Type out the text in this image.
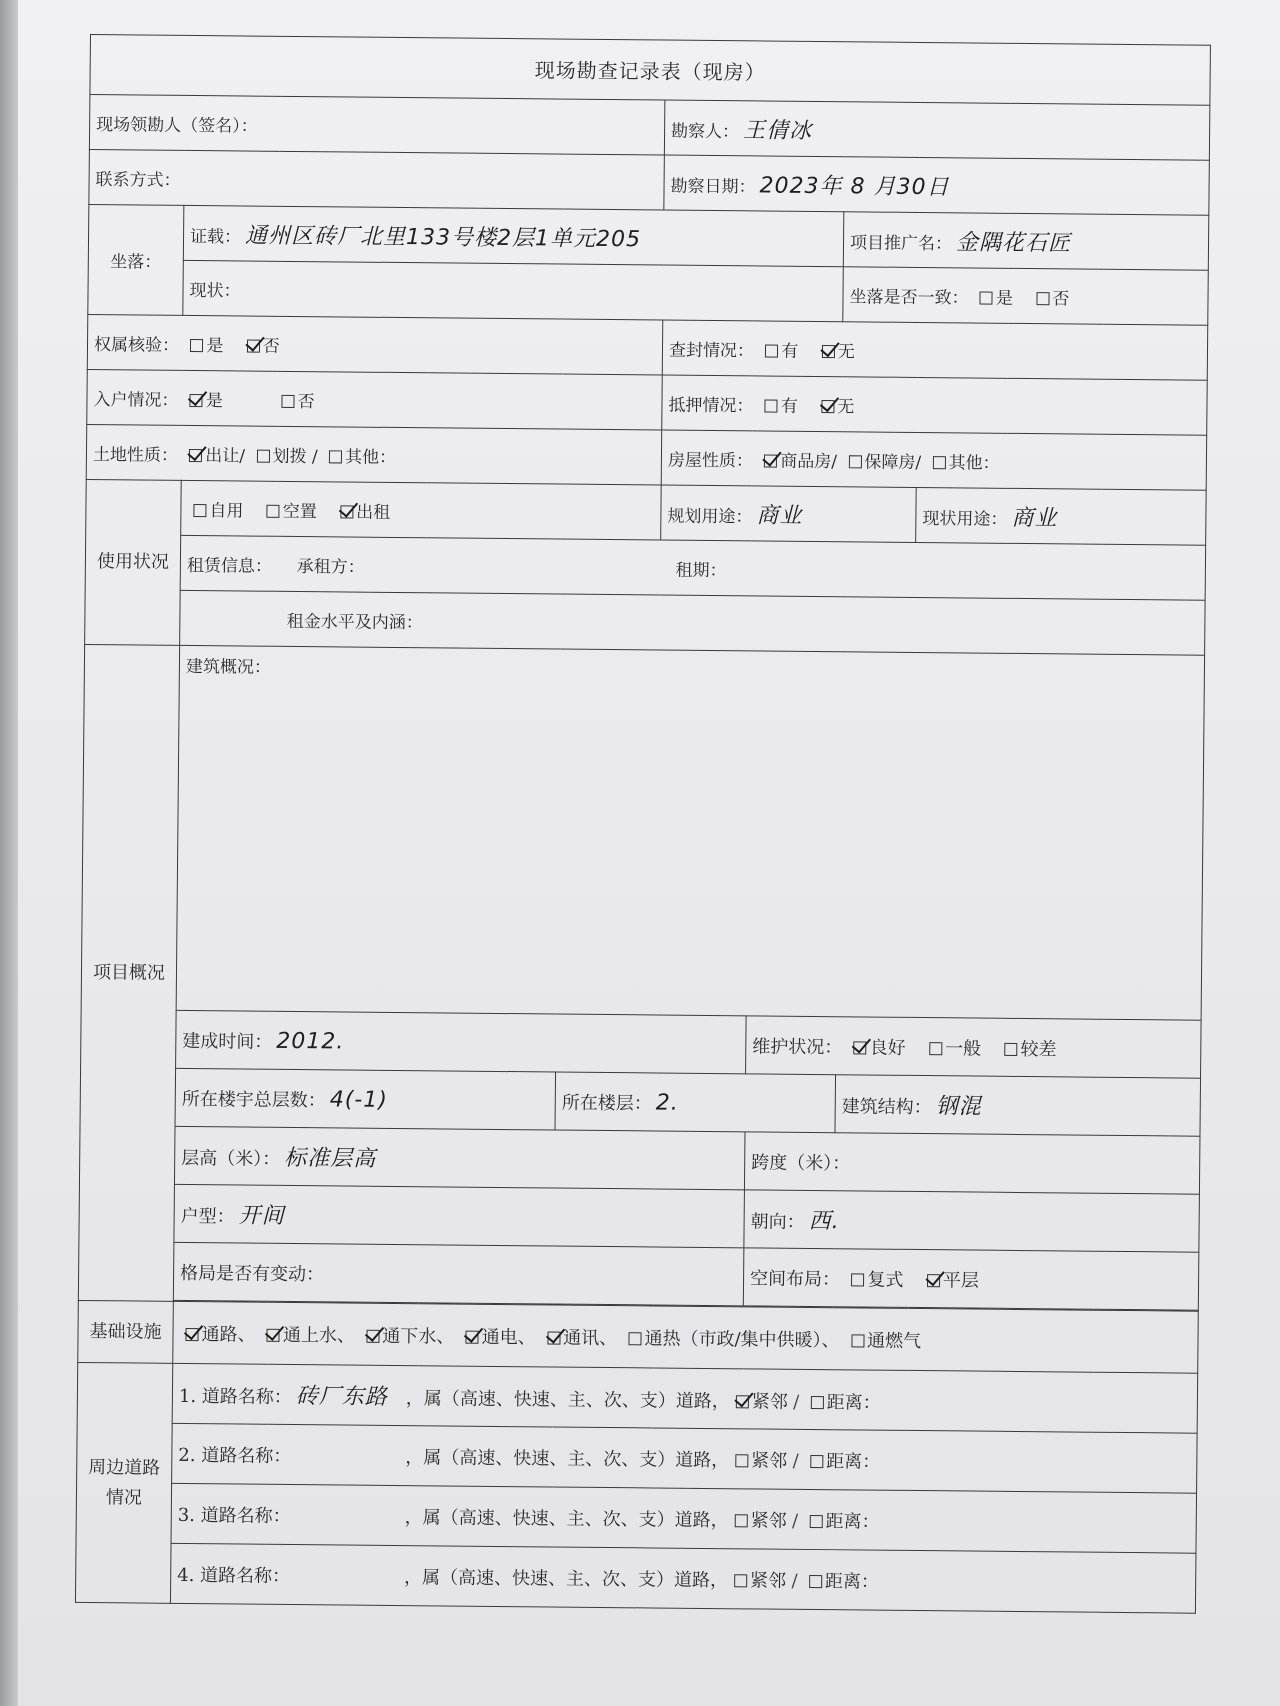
现场勘查记录表（现房）						
现场领勘人（签名）：			勘察人： 王倩冰			
联系方式：			勘察日期： 2023年 8 月30日			
坐落：	证载： 通州区砖厂北里133号楼2层1单元205				项目推广名： 金隅花石匠	
	现状：				坐落是否一致： 是 否	
权属核验： 是 否			查封情况： 有 无			
入户情况： 是 否			抵押情况： 有 无			
土地性质： 出让/ 划拨 / 其他：			房屋性质： 商品房/ 保障房/ 其他：			
使用状况	自用 空置 出租		规划用途： 商业			现状用途： 商业
	租赁信息： 承租方： 租期：					
	租金水平及内涵：					
项目概况	建筑概况：					
	建成时间： 2012.			维护状况： 良好 一般 较差		
	所在楼宇总层数： 4(-1)	所在楼层： 2.			建筑结构： 钢混	
	层高（米）： 标准层高			跨度（米）：		
	户型： 开间			朝向： 西.		
	格局是否有变动：			空间布局： 复式 平层		

基础设施	通路、 通上水、 通下水、 通电、 通讯、 通热（市政/集中供暖）、 通燃气					
周边道路情况	1. 道路名称： 砖厂东路 ，属（高速、快速、主、次、支）道路， 紧邻 / 距离：					
	2. 道路名称： ，属（高速、快速、主、次、支）道路， 紧邻 / 距离：					
	3. 道路名称： ，属（高速、快速、主、次、支）道路， 紧邻 / 距离：					
	4. 道路名称： ，属（高速、快速、主、次、支）道路， 紧邻 / 距离：					
